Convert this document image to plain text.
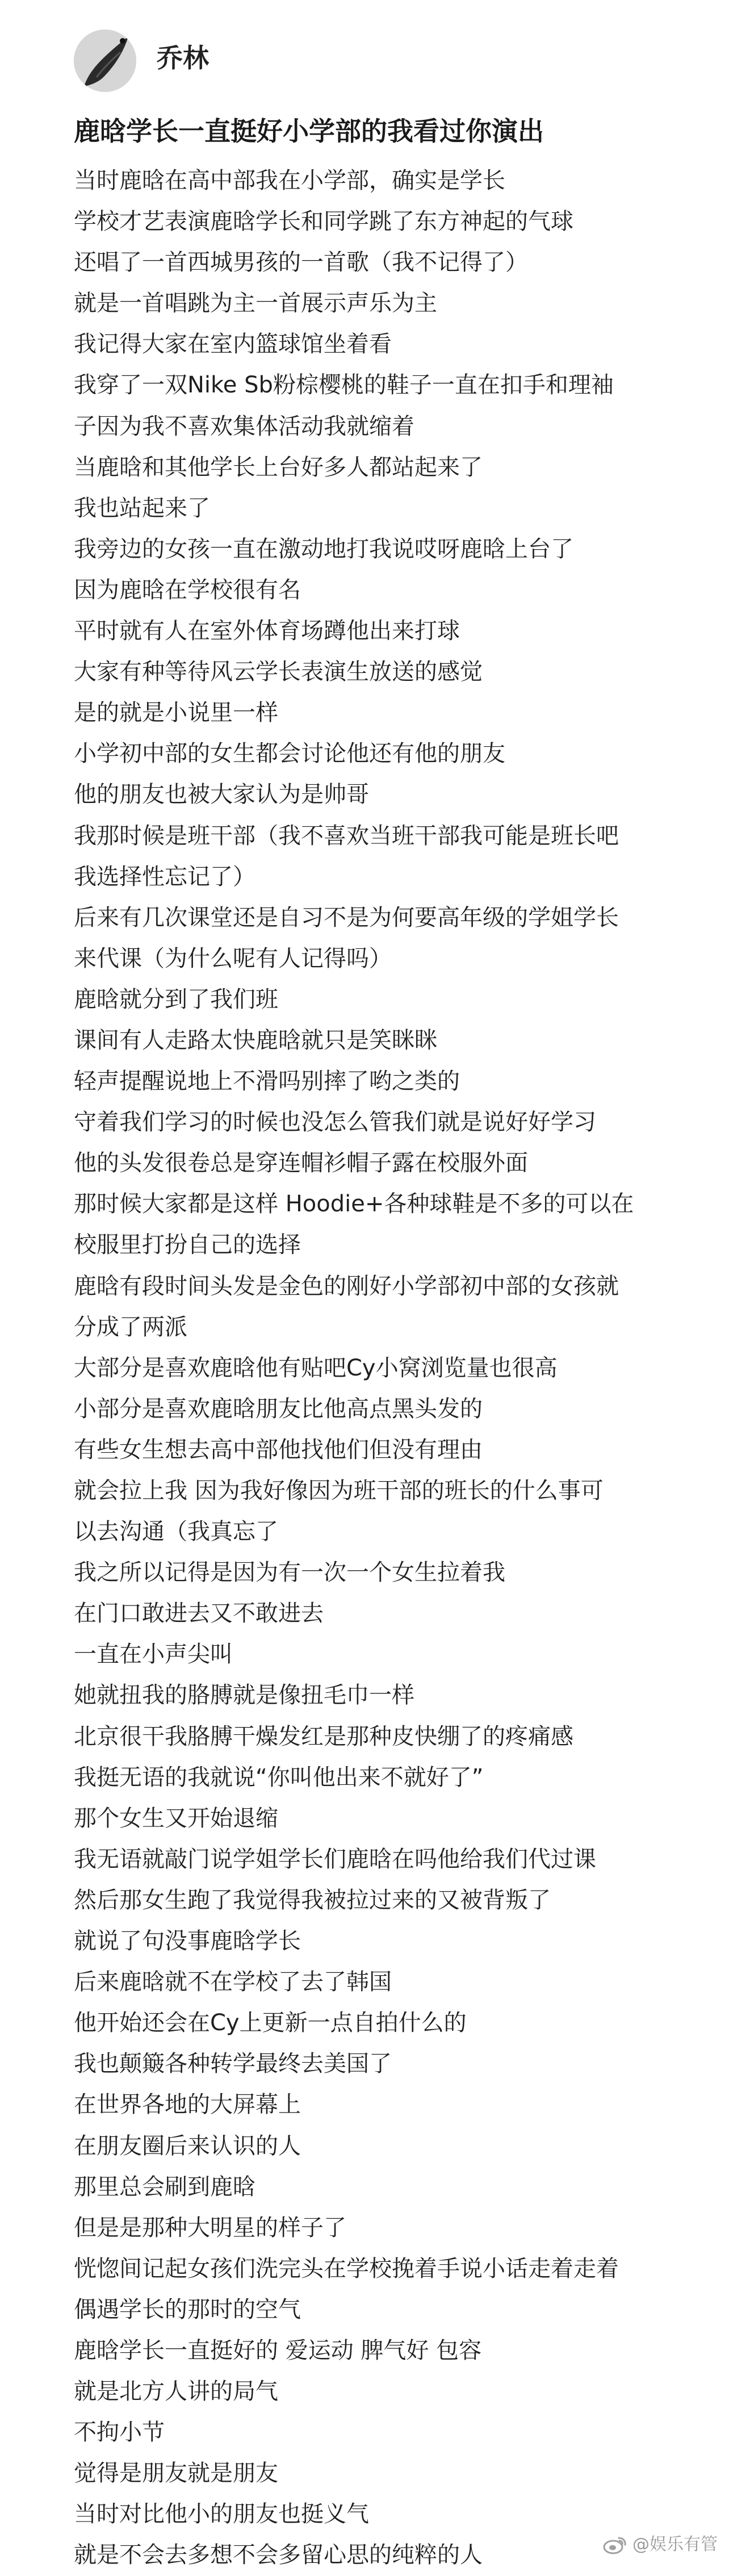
乔林
鹿晗学长一直挺好小学部的我看过你演出
当时鹿晗在高中部我在小学部，确实是学长
学校才艺表演鹿晗学长和同学跳了东方神起的气球
还唱了一首西城男孩的一首歌（我不记得了）
就是一首唱跳为主一首展示声乐为主
我记得大家在室内篮球馆坐着看
我穿了一双Nike Sb粉棕樱桃的鞋子一直在扣手和理袖
子因为我不喜欢集体活动我就缩着
当鹿晗和其他学长上台好多人都站起来了
我也站起来了
我旁边的女孩一直在激动地打我说哎呀鹿晗上台了
因为鹿晗在学校很有名
平时就有人在室外体育场蹲他出来打球
大家有种等待风云学长表演生放送的感觉
是的就是小说里一样
小学初中部的女生都会讨论他还有他的朋友
他的朋友也被大家认为是帅哥
我那时候是班干部（我不喜欢当班干部我可能是班长吧
我选择性忘记了）
后来有几次课堂还是自习不是为何要高年级的学姐学长
来代课（为什么呢有人记得吗）
鹿晗就分到了我们班
课间有人走路太快鹿晗就只是笑眯眯
轻声提醒说地上不滑吗别摔了哟之类的
守着我们学习的时候也没怎么管我们就是说好好学习
他的头发很卷总是穿连帽衫帽子露在校服外面
那时候大家都是这样 Hoodie+各种球鞋是不多的可以在
校服里打扮自己的选择
鹿晗有段时间头发是金色的刚好小学部初中部的女孩就
分成了两派
大部分是喜欢鹿晗他有贴吧Cy小窝浏览量也很高
小部分是喜欢鹿晗朋友比他高点黑头发的
有些女生想去高中部他找他们但没有理由
就会拉上我 因为我好像因为班干部的班长的什么事可
以去沟通（我真忘了
我之所以记得是因为有一次一个女生拉着我
在门口敢进去又不敢进去
一直在小声尖叫
她就扭我的胳膊就是像扭毛巾一样
北京很干我胳膊干燥发红是那种皮快绷了的疼痛感
我挺无语的我就说“你叫他出来不就好了”
那个女生又开始退缩
我无语就敲门说学姐学长们鹿晗在吗他给我们代过课
然后那女生跑了我觉得我被拉过来的又被背叛了
就说了句没事鹿晗学长
后来鹿晗就不在学校了去了韩国
他开始还会在Cy上更新一点自拍什么的
我也颠簸各种转学最终去美国了
在世界各地的大屏幕上
在朋友圈后来认识的人
那里总会刷到鹿晗
但是是那种大明星的样子了
恍惚间记起女孩们洗完头在学校挽着手说小话走着走着
偶遇学长的那时的空气
鹿晗学长一直挺好的 爱运动 脾气好 包容
就是北方人讲的局气
不拘小节
觉得是朋友就是朋友
当时对比他小的朋友也挺义气
就是不会去多想不会多留心思的纯粹的人	@娱乐有管
